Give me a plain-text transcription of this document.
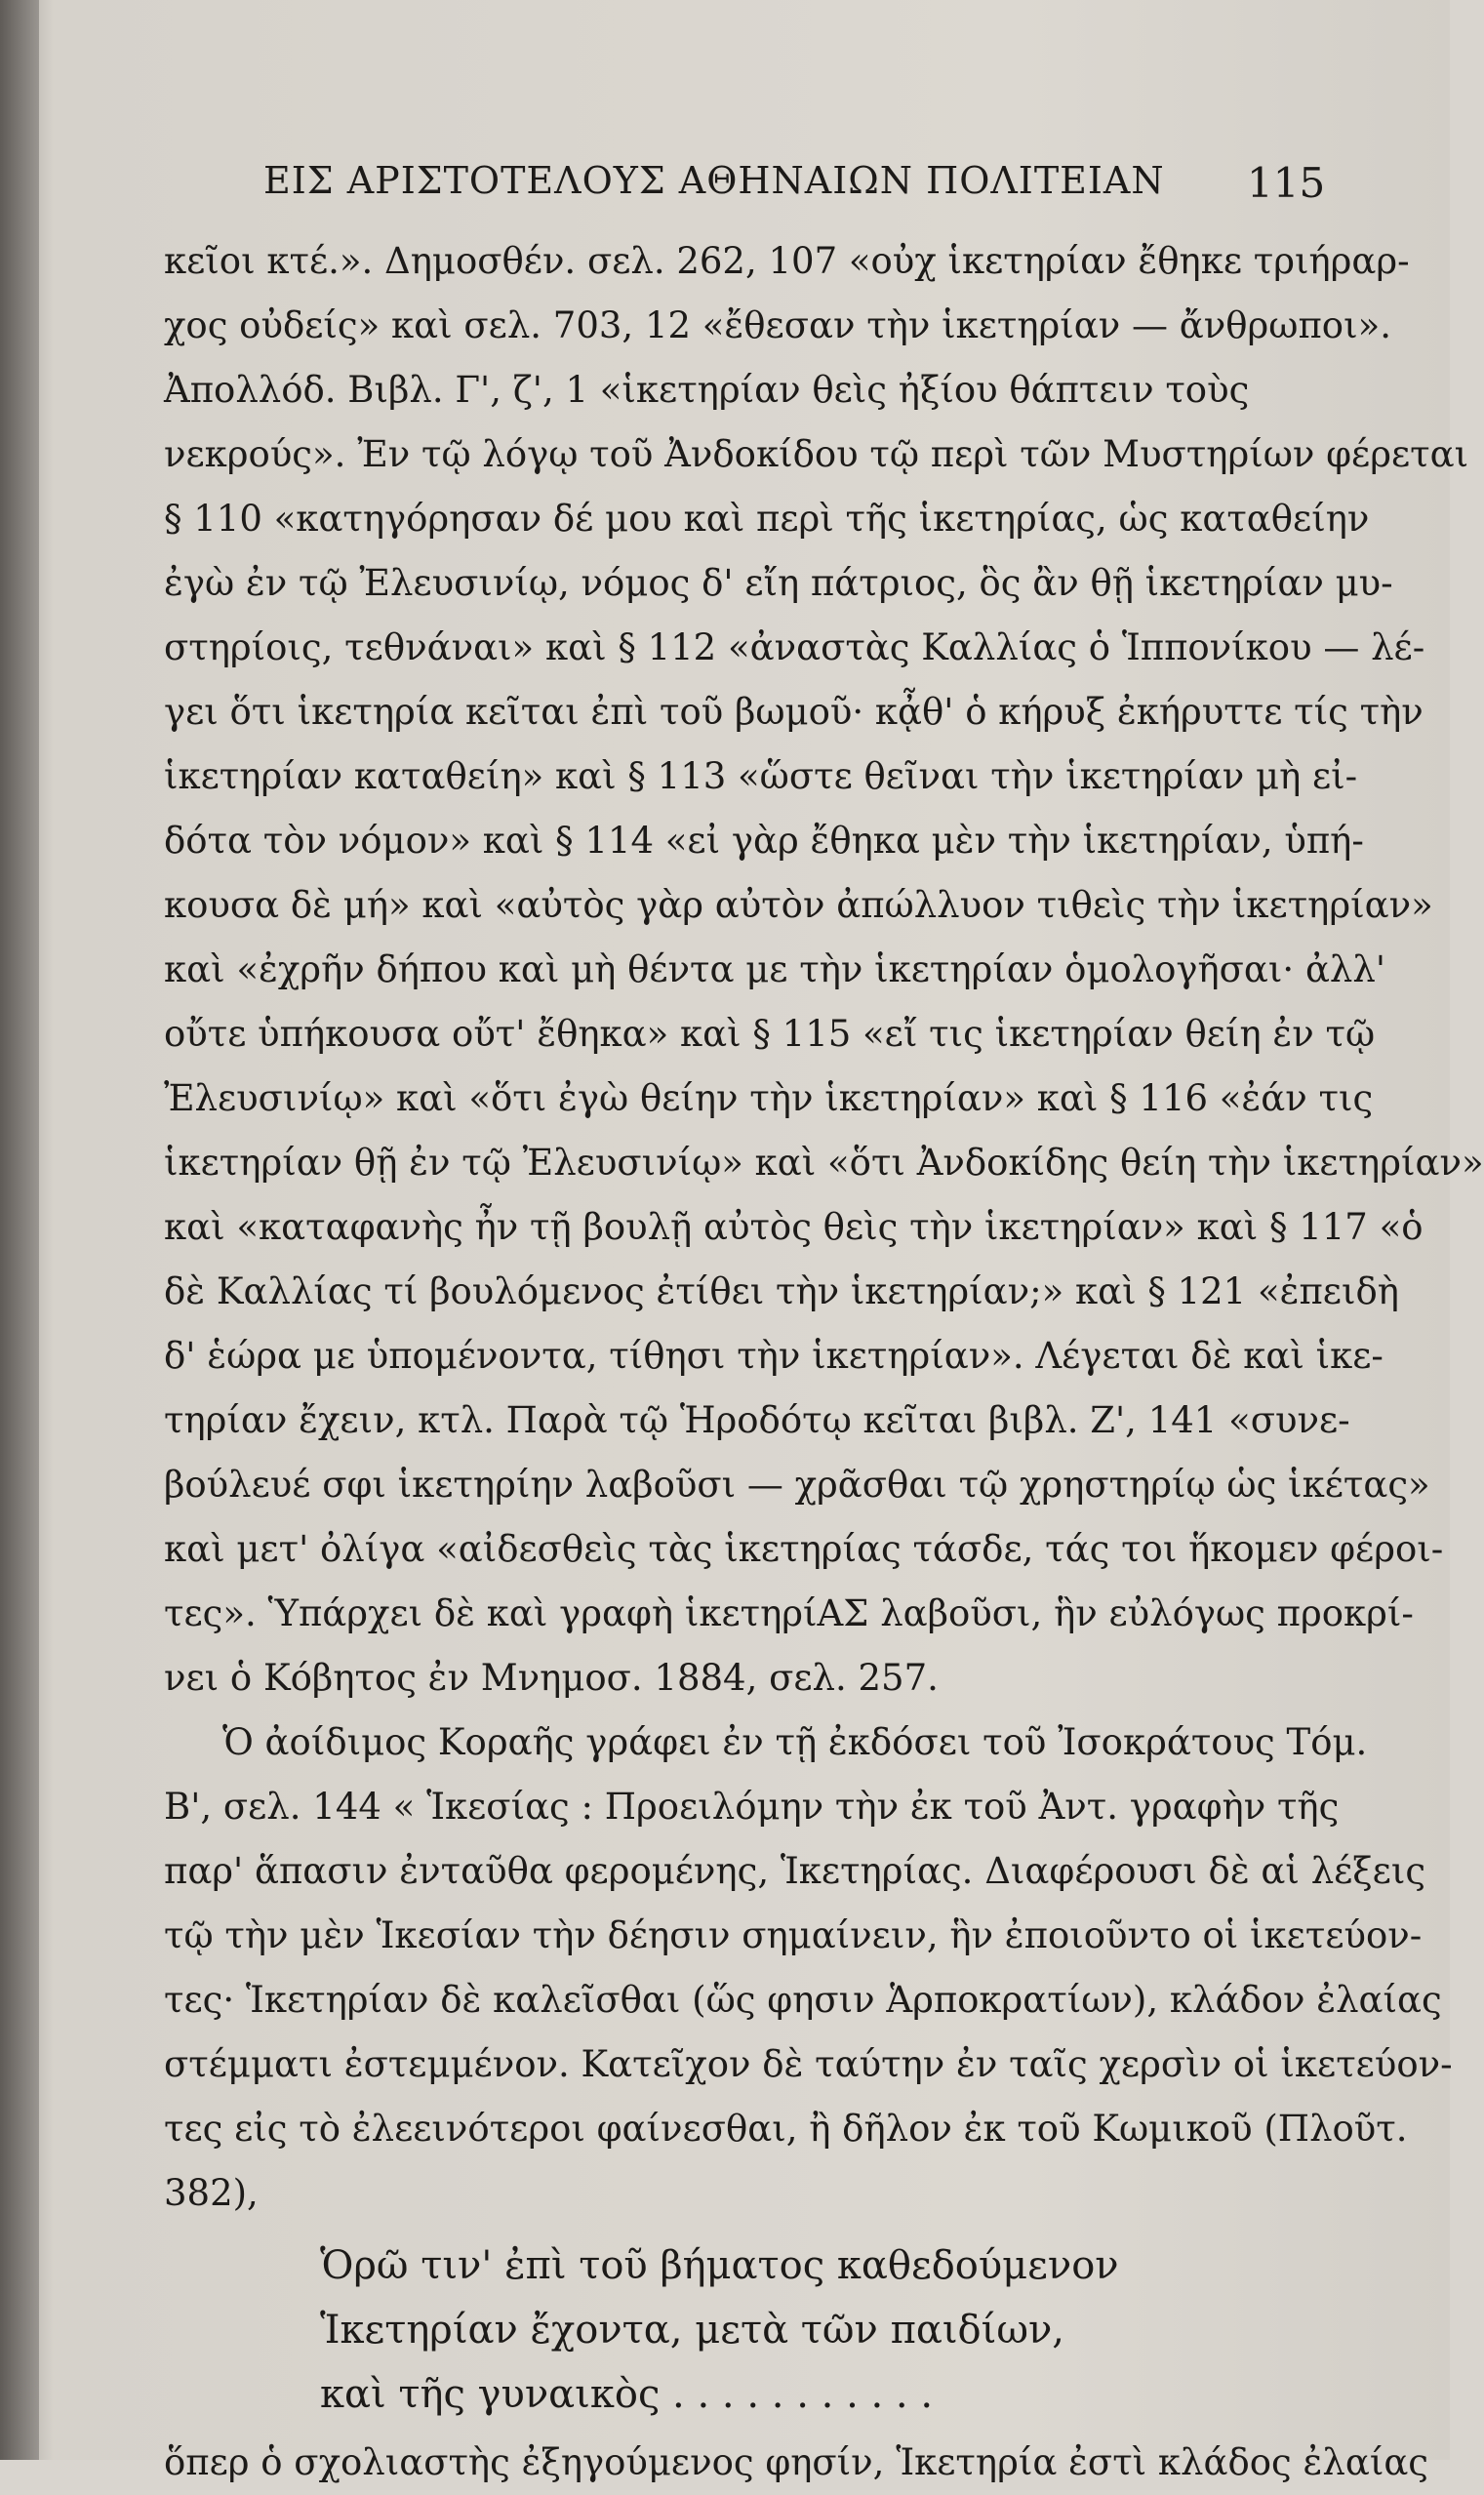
ΕΙΣ ΑΡΙΣΤΟΤΕΛΟΥΣ ΑΘΗΝΑΙΩΝ ΠΟΛΙΤΕΙΑΝ 115
κεῖοι κτέ.». Δημοσθέν. σελ. 262, 107 «οὐχ ἱκετηρίαν ἔθηκε τριήραρ-
χος οὐδείς» καὶ σελ. 703, 12 «ἔθεσαν τὴν ἱκετηρίαν — ἄνθρωποι».
Ἀπολλόδ. Βιβλ. Γ', ζ', 1 «ἱκετηρίαν θεὶς ἠξίου θάπτειν τοὺς
νεκρούς». Ἐν τῷ λόγῳ τοῦ Ἀνδοκίδου τῷ περὶ τῶν Μυστηρίων φέρεται
§ 110 «κατηγόρησαν δέ μου καὶ περὶ τῆς ἱκετηρίας, ὡς καταθείην
ἐγὼ ἐν τῷ Ἐλευσινίῳ, νόμος δ' εἴη πάτριος, ὃς ἂν θῇ ἱκετηρίαν μυ-
στηρίοις, τεθνάναι» καὶ § 112 «ἀναστὰς Καλλίας ὁ Ἱππονίκου — λέ-
γει ὅτι ἱκετηρία κεῖται ἐπὶ τοῦ βωμοῦ· κᾆθ' ὁ κήρυξ ἐκήρυττε τίς τὴν
ἱκετηρίαν καταθείη» καὶ § 113 «ὥστε θεῖναι τὴν ἱκετηρίαν μὴ εἰ-
δότα τὸν νόμον» καὶ § 114 «εἰ γὰρ ἔθηκα μὲν τὴν ἱκετηρίαν, ὑπή-
κουσα δὲ μή» καὶ «αὐτὸς γὰρ αὐτὸν ἀπώλλυον τιθεὶς τὴν ἱκετηρίαν»
καὶ «ἐχρῆν δήπου καὶ μὴ θέντα με τὴν ἱκετηρίαν ὁμολογῆσαι· ἀλλ'
οὔτε ὑπήκουσα οὔτ' ἔθηκα» καὶ § 115 «εἴ τις ἱκετηρίαν θείη ἐν τῷ
Ἐλευσινίῳ» καὶ «ὅτι ἐγὼ θείην τὴν ἱκετηρίαν» καὶ § 116 «ἐάν τις
ἱκετηρίαν θῇ ἐν τῷ Ἐλευσινίῳ» καὶ «ὅτι Ἀνδοκίδης θείη τὴν ἱκετηρίαν»
καὶ «καταφανὴς ἦν τῇ βουλῇ αὐτὸς θεὶς τὴν ἱκετηρίαν» καὶ § 117 «ὁ
δὲ Καλλίας τί βουλόμενος ἐτίθει τὴν ἱκετηρίαν;» καὶ § 121 «ἐπειδὴ
δ' ἑώρα με ὑπομένοντα, τίθησι τὴν ἱκετηρίαν». Λέγεται δὲ καὶ ἱκε-
τηρίαν ἔχειν, κτλ. Παρὰ τῷ Ἡροδότῳ κεῖται βιβλ. Ζ', 141 «συνε-
βούλευέ σφι ἱκετηρίην λαβοῦσι — χρᾶσθαι τῷ χρηστηρίῳ ὡς ἱκέτας»
καὶ μετ' ὀλίγα «αἰδεσθεὶς τὰς ἱκετηρίας τάσδε, τάς τοι ἥκομεν φέροι-
τες». Ὑπάρχει δὲ καὶ γραφὴ ἱκετηρίΑΣ λαβοῦσι, ἣν εὐλόγως προκρί-
νει ὁ Κόβητος ἐν Μνημοσ. 1884, σελ. 257.
Ὁ ἀοίδιμος Κοραῆς γράφει ἐν τῇ ἐκδόσει τοῦ Ἰσοκράτους Τόμ.
Β', σελ. 144 « Ἱκεσίας : Προειλόμην τὴν ἐκ τοῦ Ἀντ. γραφὴν τῆς
παρ' ἅπασιν ἐνταῦθα φερομένης, Ἱκετηρίας. Διαφέρουσι δὲ αἱ λέξεις
τῷ τὴν μὲν Ἱκεσίαν τὴν δέησιν σημαίνειν, ἣν ἐποιοῦντο οἱ ἱκετεύον-
τες· Ἱκετηρίαν δὲ καλεῖσθαι (ὥς φησιν Ἁρποκρατίων), κλάδον ἐλαίας
στέμματι ἐστεμμένον. Κατεῖχον δὲ ταύτην ἐν ταῖς χερσὶν οἱ ἱκετεύον-
τες εἰς τὸ ἐλεεινότεροι φαίνεσθαι, ἢ δῆλον ἐκ τοῦ Κωμικοῦ (Πλοῦτ.
382),
Ὁρῶ τιν' ἐπὶ τοῦ βήματος καθεδούμενον
Ἱκετηρίαν ἔχοντα, μετὰ τῶν παιδίων,
καὶ τῆς γυναικὸς . . . . . . . . . . .
ὅπερ ὁ σχολιαστὴς ἐξηγούμενος φησίν, Ἱκετηρία ἐστὶ κλάδος ἐλαίας
